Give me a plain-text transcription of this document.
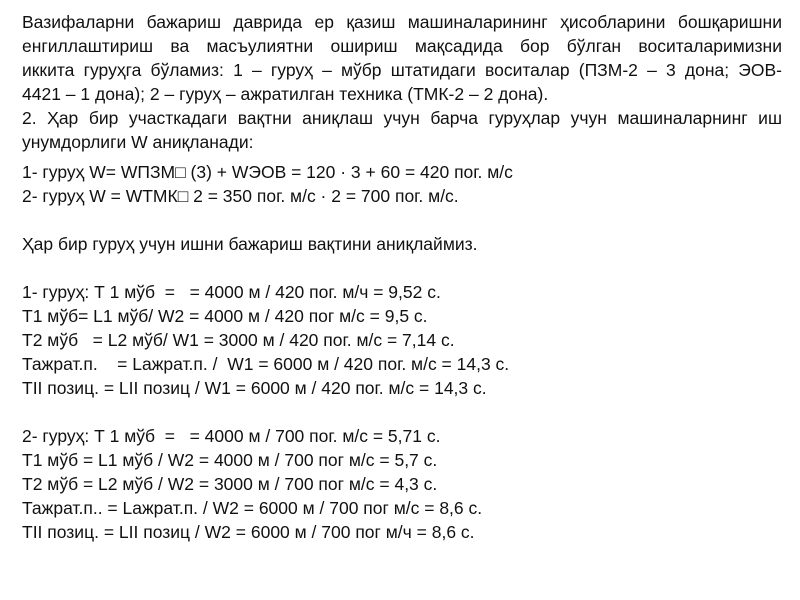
Вазифаларни бажариш даврида ер қазиш машиналарининг ҳисобларини бошқаришни
енгиллаштириш ва масъулиятни ошириш мақсадида бор бўлган воситаларимизни
иккита гуруҳга бўламиз: 1 – гуруҳ – мўбр штатидаги воситалар (ПЗМ-2 – 3 дона; ЭОВ-
4421 – 1 дона); 2 – гуруҳ – ажратилган техника (ТМК-2 – 2 дона).
2. Ҳар бир участкадаги вақтни аниқлаш учун барча гуруҳлар учун машиналарнинг иш
унумдорлиги W аниқланади:
1- гуруҳ W= WПЗМ□ (3) + WЭОВ = 120 · 3 + 60 = 420 пог. м/с
2- гуруҳ W = WTМК□ 2 = 350 пог. м/с · 2 = 700 пог. м/с.
Ҳар бир гуруҳ учун ишни бажариш вақтини аниқлаймиз.
1- гуруҳ: Т 1 мўб  =   = 4000 м / 420 пог. м/ч = 9,52 с.
Т1 мўб= L1 мўб/ W2 = 4000 м / 420 пог м/с = 9,5 с.
Т2 мўб   = L2 мўб/ W1 = 3000 м / 420 пог. м/с = 7,14 с.
Тажрат.п.    = Lажрат.п. /  W1 = 6000 м / 420 пог. м/с = 14,3 с.
ТII позиц. = LII позиц / W1 = 6000 м / 420 пог. м/с = 14,3 с.
2- гуруҳ: Т 1 мўб  =   = 4000 м / 700 пог. м/с = 5,71 с.
Т1 мўб = L1 мўб / W2 = 4000 м / 700 пог м/с = 5,7 с.
Т2 мўб = L2 мўб / W2 = 3000 м / 700 пог м/с = 4,3 с.
Тажрат.п.. = Lажрат.п. / W2 = 6000 м / 700 пог м/с = 8,6 с.
ТII позиц. = LII позиц / W2 = 6000 м / 700 пог м/ч = 8,6 с.
